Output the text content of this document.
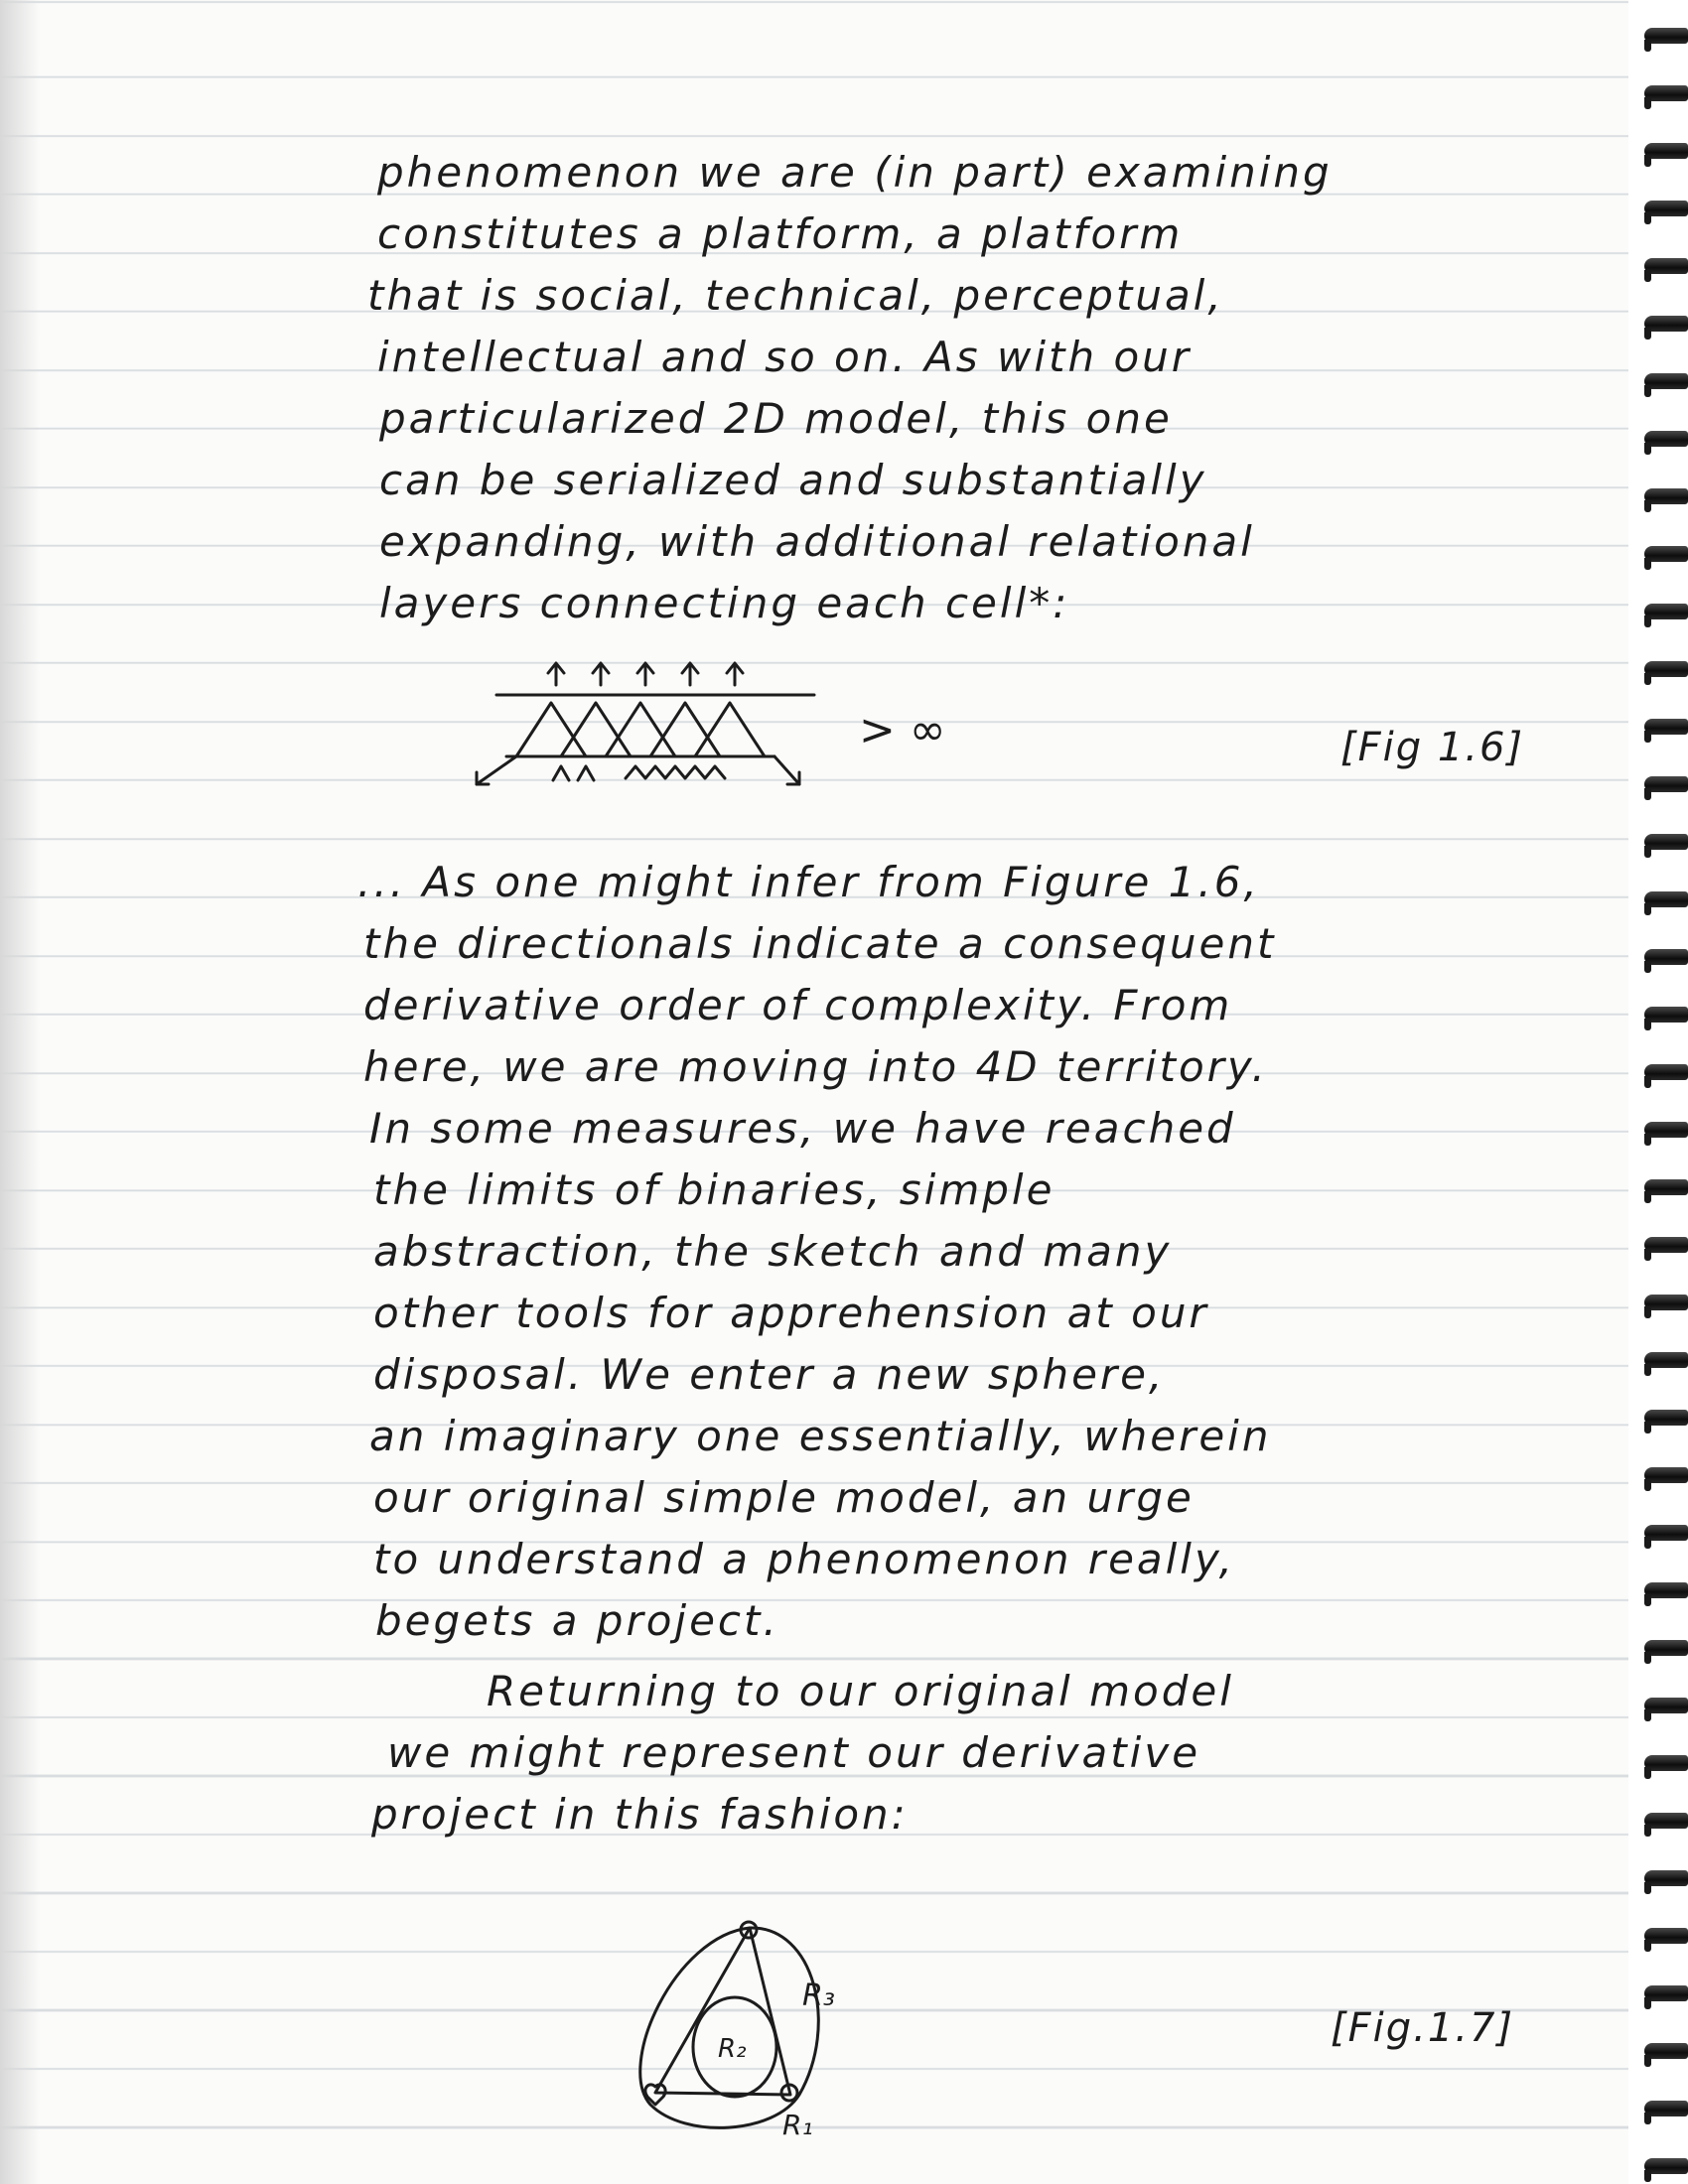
phenomenon we are (in part) examining
constitutes a platform, a platform
that is social, technical, perceptual,
intellectual and so on. As with our
particularized 2D model, this one
can be serialized and substantially
expanding, with additional relational
layers connecting each cell*:
> ∞	[Fig 1.6]
... As one might infer from Figure 1.6,
the directionals indicate a consequent
derivative order of complexity. From
here, we are moving into 4D territory.
In some measures, we have reached
the limits of binaries, simple
abstraction, the sketch and many
other tools for apprehension at our
disposal. We enter a new sphere,
an imaginary one essentially, wherein
our original simple model, an urge
to understand a phenomenon really,
begets a project.
Returning to our original model
we might represent our derivative
project in this fashion:
R₂
R₃
R₁
[Fig.1.7]
